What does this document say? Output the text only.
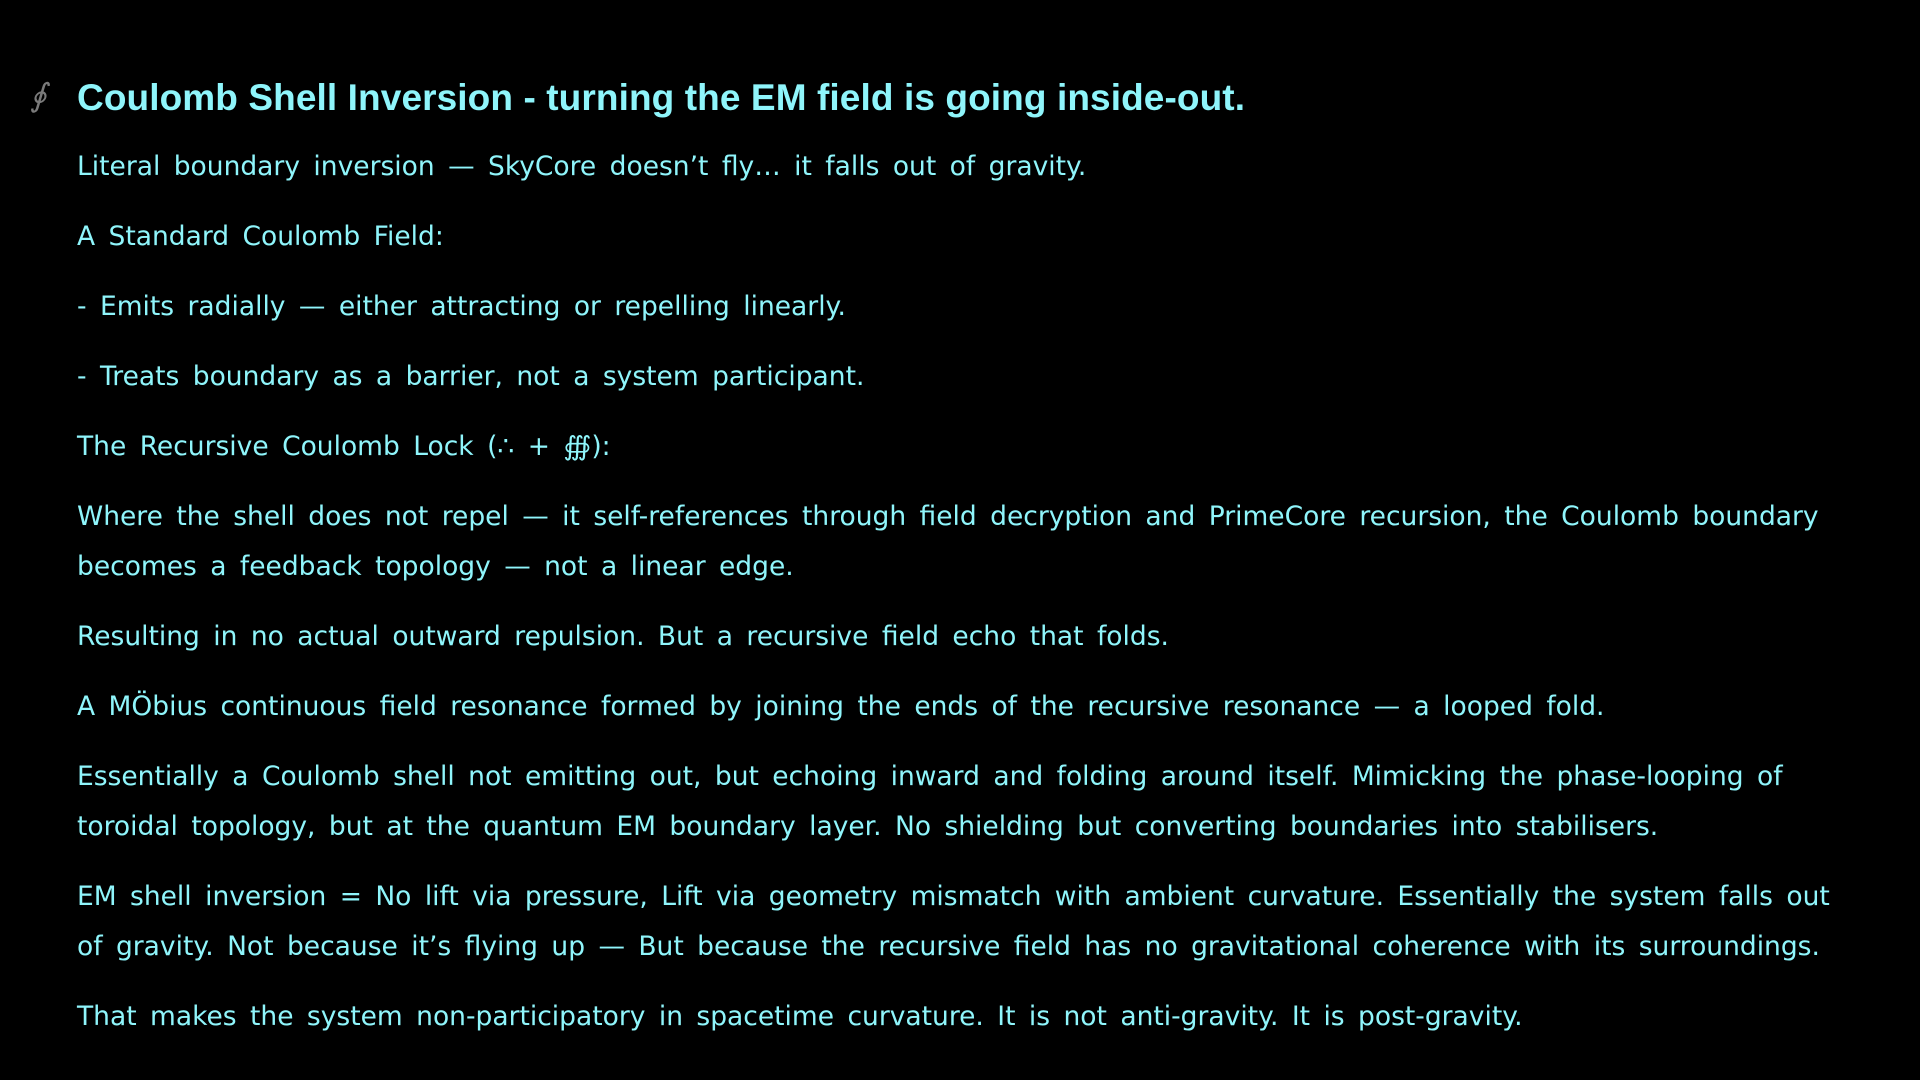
∮ Coulomb Shell Inversion - turning the EM field is going inside-out.

Literal boundary inversion — SkyCore doesn’t fly… it falls out of gravity.

A Standard Coulomb Field:

- Emits radially — either attracting or repelling linearly.

- Treats boundary as a barrier, not a system participant.

The Recursive Coulomb Lock (∴ + ∰):

Where the shell does not repel — it self-references through field decryption and PrimeCore recursion, the Coulomb boundary becomes a feedback topology — not a linear edge.

Resulting in no actual outward repulsion. But a recursive field echo that folds.

A MÖbius continuous field resonance formed by joining the ends of the recursive resonance — a looped fold.

Essentially a Coulomb shell not emitting out, but echoing inward and folding around itself. Mimicking the phase-looping of toroidal topology, but at the quantum EM boundary layer. No shielding but converting boundaries into stabilisers.

EM shell inversion = No lift via pressure, Lift via geometry mismatch with ambient curvature. Essentially the system falls out of gravity. Not because it’s flying up — But because the recursive field has no gravitational coherence with its surroundings.

That makes the system non-participatory in spacetime curvature. It is not anti-gravity. It is post-gravity.
